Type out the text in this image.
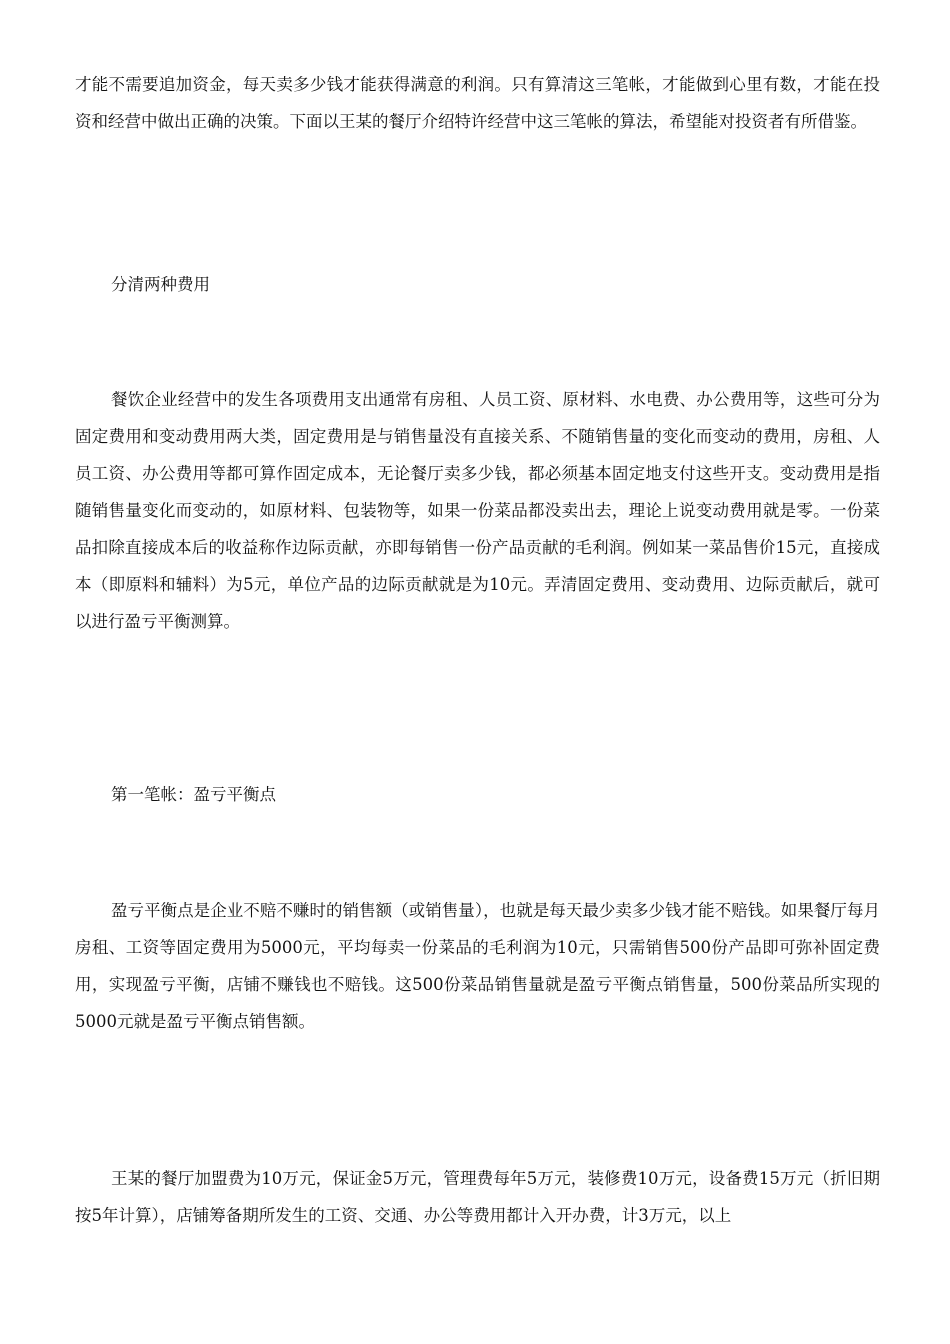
才能不需要追加资金，每天卖多少钱才能获得满意的利润。只有算清这三笔帐，才能做到心里有数，才能在投资和经营中做出正确的决策。下面以王某的餐厅介绍特许经营中这三笔帐的算法，希望能对投资者有所借鉴。

分清两种费用

餐饮企业经营中的发生各项费用支出通常有房租、人员工资、原材料、水电费、办公费用等，这些可分为固定费用和变动费用两大类，固定费用是与销售量没有直接关系、不随销售量的变化而变动的费用，房租、人员工资、办公费用等都可算作固定成本，无论餐厅卖多少钱，都必须基本固定地支付这些开支。变动费用是指随销售量变化而变动的，如原材料、包装物等，如果一份菜品都没卖出去，理论上说变动费用就是零。一份菜品扣除直接成本后的收益称作边际贡献，亦即每销售一份产品贡献的毛利润。例如某一菜品售价15元，直接成本（即原料和辅料）为5元，单位产品的边际贡献就是为10元。弄清固定费用、变动费用、边际贡献后，就可以进行盈亏平衡测算。

第一笔帐：盈亏平衡点

盈亏平衡点是企业不赔不赚时的销售额（或销售量），也就是每天最少卖多少钱才能不赔钱。如果餐厅每月房租、工资等固定费用为5000元，平均每卖一份菜品的毛利润为10元，只需销售500份产品即可弥补固定费用，实现盈亏平衡，店铺不赚钱也不赔钱。这500份菜品销售量就是盈亏平衡点销售量，500份菜品所实现的5000元就是盈亏平衡点销售额。

王某的餐厅加盟费为10万元，保证金5万元，管理费每年5万元，装修费10万元，设备费15万元（折旧期按5年计算），店铺筹备期所发生的工资、交通、办公等费用都计入开办费，计3万元，以上
